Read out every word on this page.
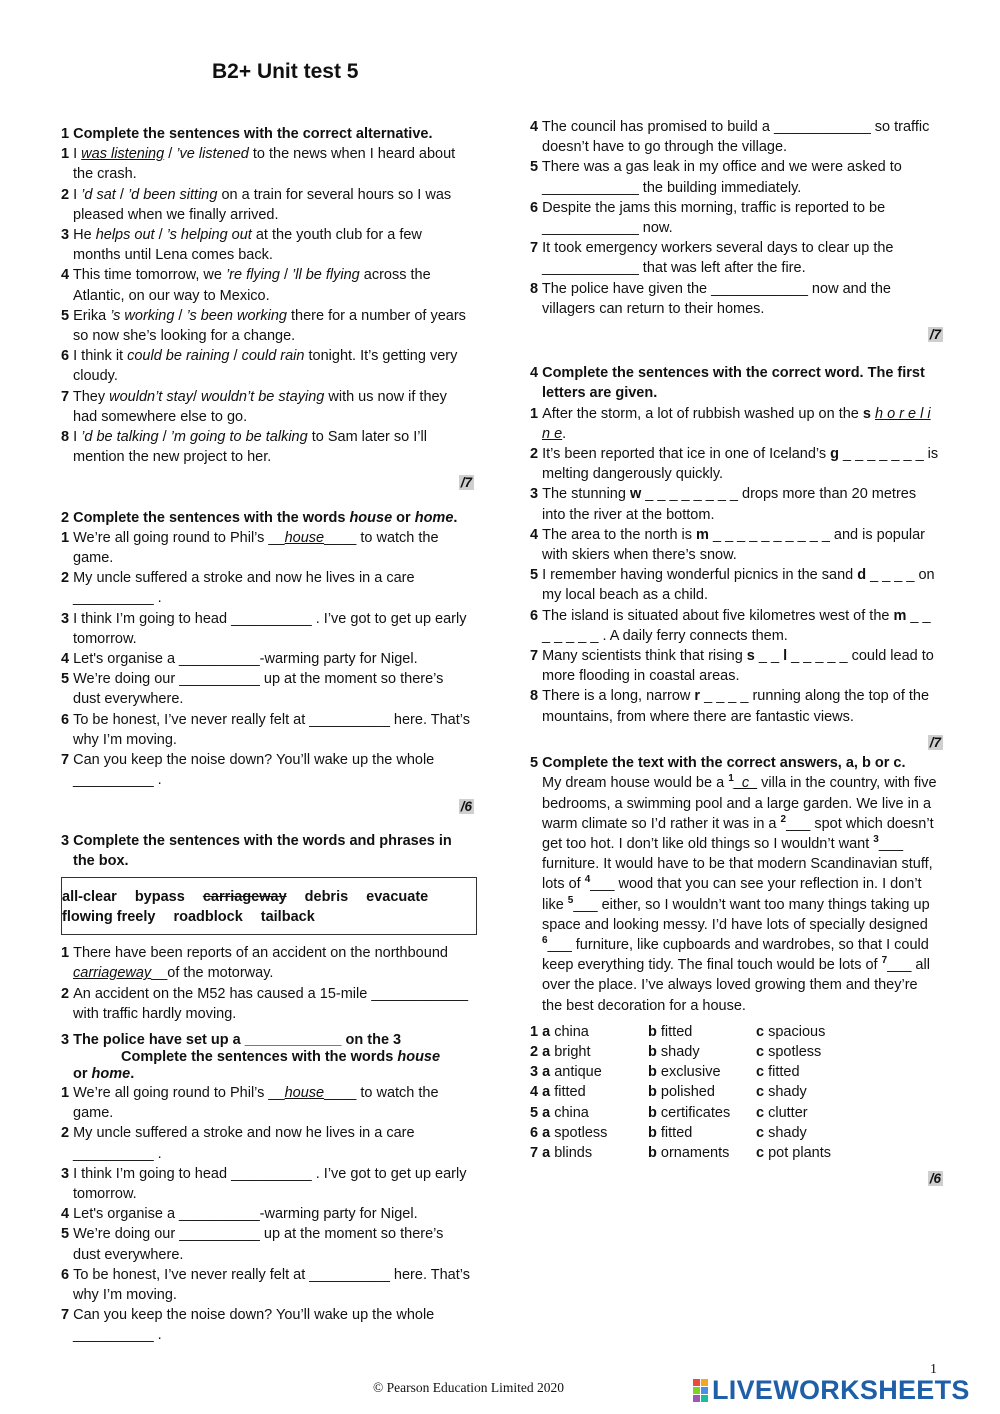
B2+ Unit test 5

1 Complete the sentences with the correct alternative.

1 I was listening / ’ve listened to the news when I heard about the crash.

2 I ’d sat / ’d been sitting on a train for several hours so I was pleased when we finally arrived.

3 He helps out / ’s helping out at the youth club for a few months until Lena comes back.

4 This time tomorrow, we ’re flying / ’ll be flying across the Atlantic, on our way to Mexico.

5 Erika ’s working / ’s been working there for a number of years so now she’s looking for a change.

6 I think it could be raining / could rain tonight. It’s getting very cloudy.

7 They wouldn’t stay/ wouldn’t be staying with us now if they had somewhere else to go.

8 I ’d be talking / ’m going to be talking to Sam later so I’ll mention the new project to her.

/7

2 Complete the sentences with the words house or home.

1 We’re all going round to Phil’s __house____ to watch the game.

2 My uncle suffered a stroke and now he lives in a care __________ .

3 I think I’m going to head __________ . I’ve got to get up early tomorrow.

4 Let's organise a __________-warming party for Nigel.

5 We’re doing our __________ up at the moment so there’s dust everywhere.

6 To be honest, I’ve never really felt at __________ here. That’s why I’m moving.

7 Can you keep the noise down? You’ll wake up the whole __________ .

/6

3 Complete the sentences with the words and phrases in the box.

all-clear bypass carriageway debris evacuate
flowing freely roadblock tailback

1 There have been reports of an accident on the northbound carriageway__of the motorway.

2 An accident on the M52 has caused a 15-mile ____________ with traffic hardly moving.

3 The police have set up a ____________ on the 3
Complete the sentences with the words house
or home.

1 We’re all going round to Phil’s __house____ to watch the game.

2 My uncle suffered a stroke and now he lives in a care __________ .

3 I think I’m going to head __________ . I’ve got to get up early tomorrow.

4 Let's organise a __________-warming party for Nigel.

5 We’re doing our __________ up at the moment so there’s dust everywhere.

6 To be honest, I’ve never really felt at __________ here. That’s why I’m moving.

7 Can you keep the noise down? You’ll wake up the whole __________ .

4 The council has promised to build a ____________ so traffic doesn’t have to go through the village.

5 There was a gas leak in my office and we were asked to ____________ the building immediately.

6 Despite the jams this morning, traffic is reported to be ____________ now.

7 It took emergency workers several days to clear up the ____________ that was left after the fire.

8 The police have given the ____________ now and the villagers can return to their homes.

/7

4 Complete the sentences with the correct word. The first letters are given.

1 After the storm, a lot of rubbish washed up on the s h o r e l i n e.

2 It’s been reported that ice in one of Iceland’s g _ _ _ _ _ _ _ is melting dangerously quickly.

3 The stunning w _ _ _ _ _ _ _ _ drops more than 20 metres into the river at the bottom.

4 The area to the north is m _ _ _ _ _ _ _ _ _ _ and is popular with skiers when there’s snow.

5 I remember having wonderful picnics in the sand d _ _ _ _ on my local beach as a child.

6 The island is situated about five kilometres west of the m _ _ _ _ _ _ _ . A daily ferry connects them.

7 Many scientists think that rising s _ _ l _ _ _ _ _ could lead to more flooding in coastal areas.

8 There is a long, narrow r _ _ _ _ running along the top of the mountains, from where there are fantastic views.

/7

5 Complete the text with the correct answers, a, b or c.

My dream house would be a $^1$_c_ villa in the country, with five bedrooms, a swimming pool and a large garden. We live in a warm climate so I’d rather it was in a $^2$___ spot which doesn’t get too hot. I don’t like old things so I wouldn’t want $^3$___ furniture. It would have to be that modern Scandinavian stuff, lots of $^4$___ wood that you can see your reflection in. I don’t like $^5$___ either, so I wouldn’t want too many things taking up space and looking messy. I’d have lots of specially designed $^6$___ furniture, like cupboards and wardrobes, so that I could keep everything tidy. The final touch would be lots of $^7$___ all over the place. I’ve always loved growing them and they’re the best decoration for a house.

1 a china	b fitted	c spacious
2 a bright	b shady	c spotless
3 a antique	b exclusive	c fitted
4 a fitted	b polished	c shady
5 a china	b certificates	c clutter
6 a spotless	b fitted	c shady
7 a blinds	b ornaments	c pot plants
/6
1
© Pearson Education Limited 2020	LIVEWORKSHEETS
